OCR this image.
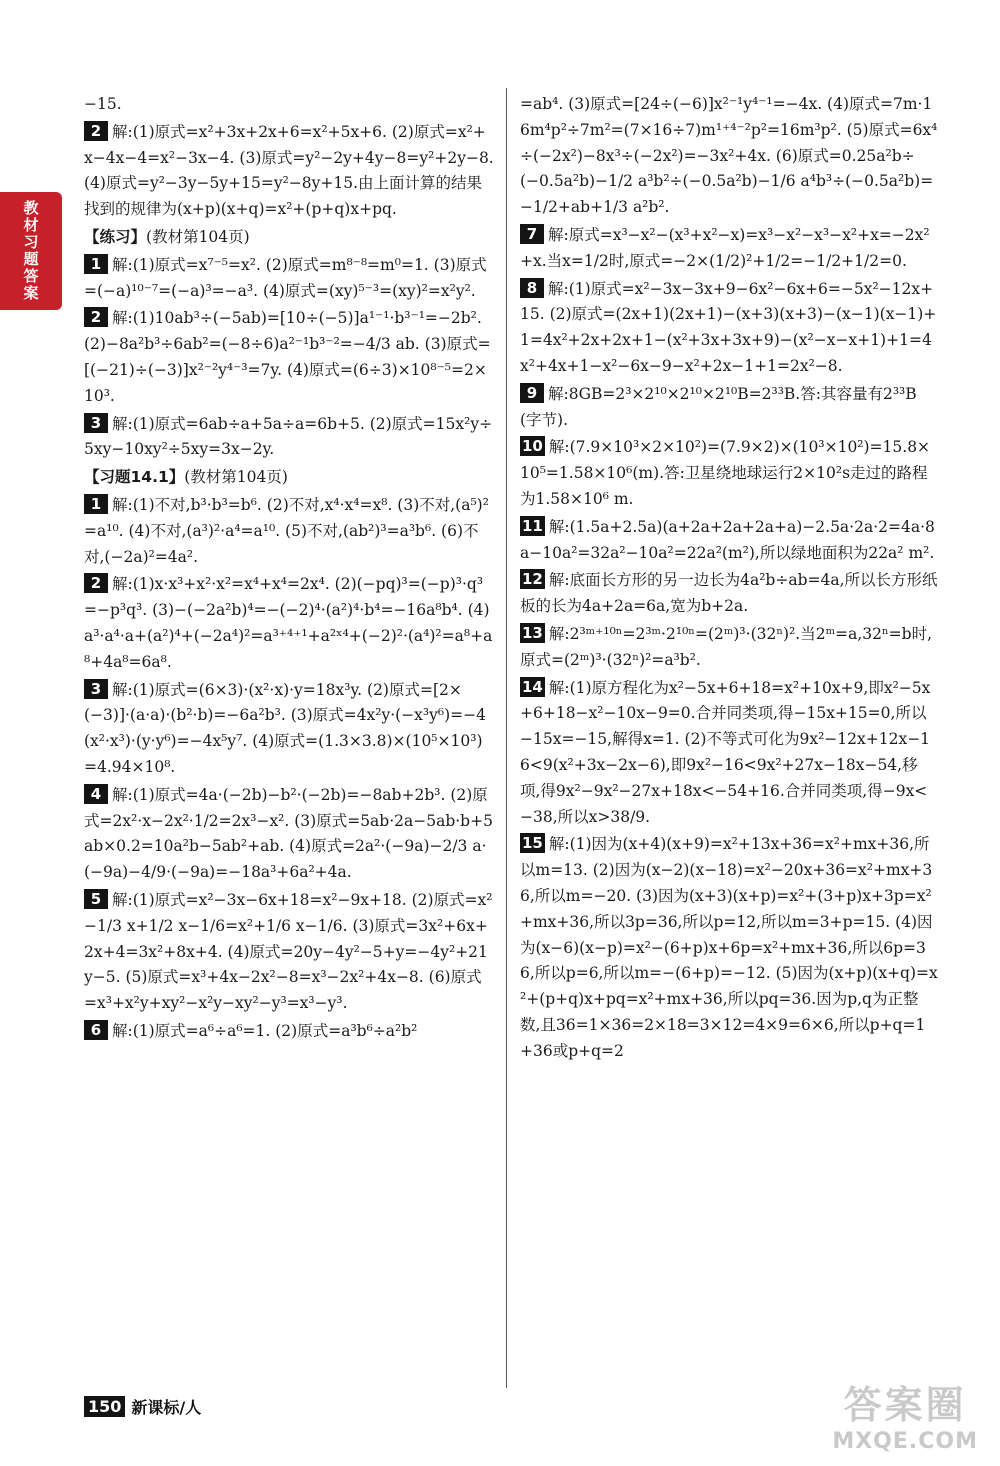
教材习题答案

−15.

2 解:(1)原式=x²+3x+2x+6=x²+5x+6. (2)原式=x²+x−4x−4=x²−3x−4. (3)原式=y²−2y+4y−8=y²+2y−8. (4)原式=y²−3y−5y+15=y²−8y+15.由上面计算的结果找到的规律为(x+p)(x+q)=x²+(p+q)x+pq.

【练习】(教材第104页)

1 解:(1)原式=x⁷⁻⁵=x². (2)原式=m⁸⁻⁸=m⁰=1. (3)原式=(−a)¹⁰⁻⁷=(−a)³=−a³. (4)原式=(xy)⁵⁻³=(xy)²=x²y².

2 解:(1)10ab³÷(−5ab)=[10÷(−5)]a¹⁻¹·b³⁻¹=−2b². (2)−8a²b³÷6ab²=(−8÷6)a²⁻¹b³⁻²=−4/3 ab. (3)原式=[(−21)÷(−3)]x²⁻²y⁴⁻³=7y. (4)原式=(6÷3)×10⁸⁻⁵=2×10³.

3 解:(1)原式=6ab÷a+5a÷a=6b+5. (2)原式=15x²y÷5xy−10xy²÷5xy=3x−2y.

【习题14.1】(教材第104页)

1 解:(1)不对,b³·b³=b⁶. (2)不对,x⁴·x⁴=x⁸. (3)不对,(a⁵)²=a¹⁰. (4)不对,(a³)²·a⁴=a¹⁰. (5)不对,(ab²)³=a³b⁶. (6)不对,(−2a)²=4a².

2 解:(1)x·x³+x²·x²=x⁴+x⁴=2x⁴. (2)(−pq)³=(−p)³·q³=−p³q³. (3)−(−2a²b)⁴=−(−2)⁴·(a²)⁴·b⁴=−16a⁸b⁴. (4)a³·a⁴·a+(a²)⁴+(−2a⁴)²=a³⁺⁴⁺¹+a²ˣ⁴+(−2)²·(a⁴)²=a⁸+a⁸+4a⁸=6a⁸.

3 解:(1)原式=(6×3)·(x²·x)·y=18x³y. (2)原式=[2×(−3)]·(a·a)·(b²·b)=−6a²b³. (3)原式=4x²y·(−x³y⁶)=−4(x²·x³)·(y·y⁶)=−4x⁵y⁷. (4)原式=(1.3×3.8)×(10⁵×10³)=4.94×10⁸.

4 解:(1)原式=4a·(−2b)−b²·(−2b)=−8ab+2b³. (2)原式=2x²·x−2x²·1/2=2x³−x². (3)原式=5ab·2a−5ab·b+5ab×0.2=10a²b−5ab²+ab. (4)原式=2a²·(−9a)−2/3 a·(−9a)−4/9·(−9a)=−18a³+6a²+4a.

5 解:(1)原式=x²−3x−6x+18=x²−9x+18. (2)原式=x²−1/3 x+1/2 x−1/6=x²+1/6 x−1/6. (3)原式=3x²+6x+2x+4=3x²+8x+4. (4)原式=20y−4y²−5+y=−4y²+21y−5. (5)原式=x³+4x−2x²−8=x³−2x²+4x−8. (6)原式=x³+x²y+xy²−x²y−xy²−y³=x³−y³.

6 解:(1)原式=a⁶÷a⁶=1. (2)原式=a³b⁶÷a²b²

=ab⁴. (3)原式=[24÷(−6)]x²⁻¹y⁴⁻¹=−4x. (4)原式=7m·16m⁴p²÷7m²=(7×16÷7)m¹⁺⁴⁻²p²=16m³p². (5)原式=6x⁴÷(−2x²)−8x³÷(−2x²)=−3x²+4x. (6)原式=0.25a²b÷(−0.5a²b)−1/2 a³b²÷(−0.5a²b)−1/6 a⁴b³÷(−0.5a²b)=−1/2+ab+1/3 a²b².

7 解:原式=x³−x²−(x³+x²−x)=x³−x²−x³−x²+x=−2x²+x.当x=1/2时,原式=−2×(1/2)²+1/2=−1/2+1/2=0.

8 解:(1)原式=x²−3x−3x+9−6x²−6x+6=−5x²−12x+15. (2)原式=(2x+1)(2x+1)−(x+3)(x+3)−(x−1)(x−1)+1=4x²+2x+2x+1−(x²+3x+3x+9)−(x²−x−x+1)+1=4x²+4x+1−x²−6x−9−x²+2x−1+1=2x²−8.

9 解:8GB=2³×2¹⁰×2¹⁰×2¹⁰B=2³³B.答:其容量有2³³B(字节).

10 解:(7.9×10³×2×10²)=(7.9×2)×(10³×10²)=15.8×10⁵=1.58×10⁶(m).答:卫星绕地球运行2×10²s走过的路程为1.58×10⁶ m.

11 解:(1.5a+2.5a)(a+2a+2a+2a+a)−2.5a·2a·2=4a·8a−10a²=32a²−10a²=22a²(m²),所以绿地面积为22a² m².

12 解:底面长方形的另一边长为4a²b÷ab=4a,所以长方形纸板的长为4a+2a=6a,宽为b+2a.

13 解:2³ᵐ⁺¹⁰ⁿ=2³ᵐ·2¹⁰ⁿ=(2ᵐ)³·(32ⁿ)².当2ᵐ=a,32ⁿ=b时,原式=(2ᵐ)³·(32ⁿ)²=a³b².

14 解:(1)原方程化为x²−5x+6+18=x²+10x+9,即x²−5x+6+18−x²−10x−9=0.合并同类项,得−15x+15=0,所以−15x=−15,解得x=1. (2)不等式可化为9x²−12x+12x−16<9(x²+3x−2x−6),即9x²−16<9x²+27x−18x−54,移项,得9x²−9x²−27x+18x<−54+16.合并同类项,得−9x<−38,所以x>38/9.

15 解:(1)因为(x+4)(x+9)=x²+13x+36=x²+mx+36,所以m=13. (2)因为(x−2)(x−18)=x²−20x+36=x²+mx+36,所以m=−20. (3)因为(x+3)(x+p)=x²+(3+p)x+3p=x²+mx+36,所以3p=36,所以p=12,所以m=3+p=15. (4)因为(x−6)(x−p)=x²−(6+p)x+6p=x²+mx+36,所以6p=36,所以p=6,所以m=−(6+p)=−12. (5)因为(x+p)(x+q)=x²+(p+q)x+pq=x²+mx+36,所以pq=36.因为p,q为正整数,且36=1×36=2×18=3×12=4×9=6×6,所以p+q=1+36或p+q=2

150 新课标/人	答案圈
MXQE.COM
